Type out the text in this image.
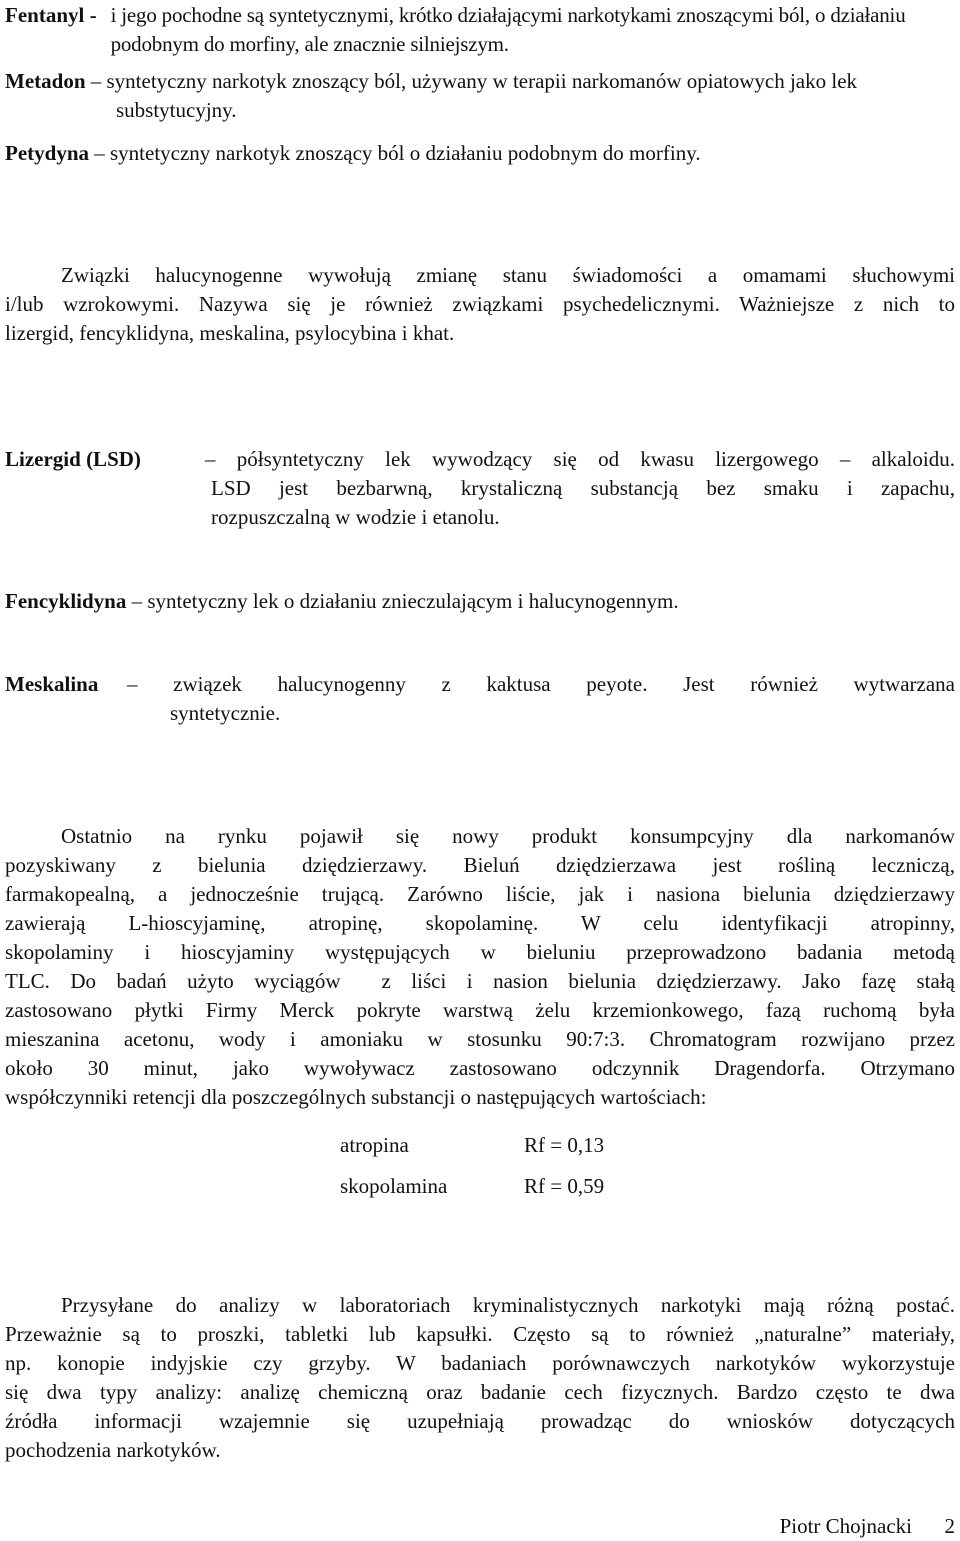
Fentanyl - i jego pochodne są syntetycznymi, krótko działającymi narkotykami znoszącymi ból, o działaniu podobnym do morfiny, ale znacznie silniejszym.
Metadon – syntetyczny narkotyk znoszący ból, używany w terapii narkomanów opiatowych jako lek substytucyjny.
Petydyna – syntetyczny narkotyk znoszący ból o działaniu podobnym do morfiny.
Związki halucynogenne wywołują zmianę stanu świadomości a omamami słuchowymi
i/lub wzrokowymi. Nazywa się je również związkami psychedelicznymi. Ważniejsze z nich to
lizergid, fencyklidyna, meskalina, psylocybina i khat.
Lizergid (LSD)	– półsyntetyczny lek wywodzący się od kwasu lizergowego – alkaloidu.
LSD jest bezbarwną, krystaliczną substancją bez smaku i zapachu,
rozpuszczalną w wodzie i etanolu.
Fencyklidyna – syntetyczny lek o działaniu znieczulającym i halucynogennym.
Meskalina	– związek halucynogenny z kaktusa peyote. Jest również wytwarzana
syntetycznie.
Ostatnio na rynku pojawił się nowy produkt konsumpcyjny dla narkomanów
pozyskiwany z bielunia dziędzierzawy. Bieluń dziędzierzawa jest rośliną leczniczą,
farmakopealną, a jednocześnie trującą. Zarówno liście, jak i nasiona bielunia dziędzierzawy
zawierają L-hioscyjaminę, atropinę, skopolaminę. W celu identyfikacji atropinny,
skopolaminy i hioscyjaminy występujących w bieluniu przeprowadzono badania metodą
TLC. Do badań użyto wyciągów  z liści i nasion bielunia dziędzierzawy. Jako fazę stałą
zastosowano płytki Firmy Merck pokryte warstwą żelu krzemionkowego, fazą ruchomą była
mieszanina acetonu, wody i amoniaku w stosunku 90:7:3. Chromatogram rozwijano przez
około 30 minut, jako wywoływacz zastosowano odczynnik Dragendorfa. Otrzymano
współczynniki retencji dla poszczególnych substancji o następujących wartościach:
atropina	Rf = 0,13
skopolamina	Rf = 0,59
Przysyłane do analizy w laboratoriach kryminalistycznych narkotyki mają różną postać.
Przeważnie są to proszki, tabletki lub kapsułki. Często są to również „naturalne” materiały,
np. konopie indyjskie czy grzyby. W badaniach porównawczych narkotyków wykorzystuje
się dwa typy analizy: analizę chemiczną oraz badanie cech fizycznych. Bardzo często te dwa
źródła informacji wzajemnie się uzupełniają prowadząc do wniosków dotyczących
pochodzenia narkotyków.
Piotr Chojnacki 2
